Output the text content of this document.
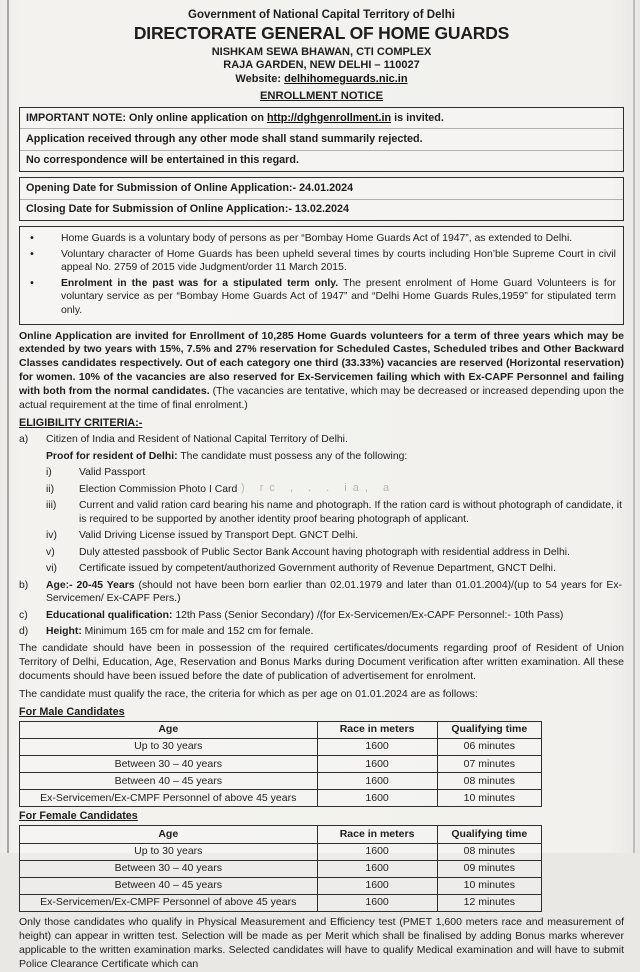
Government of National Capital Territory of Delhi
DIRECTORATE GENERAL OF HOME GUARDS
NISHKAM SEWA BHAWAN, CTI COMPLEX
RAJA GARDEN, NEW DELHI – 110027
Website: delhihomeguards.nic.in
ENROLLMENT NOTICE
IMPORTANT NOTE: Only online application on http://dghgenrollment.in is invited.
Application received through any other mode shall stand summarily rejected.
No correspondence will be entertained in this regard.
Opening Date for Submission of Online Application:- 24.01.2024
Closing Date for Submission of Online Application:- 13.02.2024
•	Home Guards is a voluntary body of persons as per “Bombay Home Guards Act of 1947”, as extended to Delhi.
•	Voluntary character of Home Guards has been upheld several times by courts including Hon’ble Supreme Court in civil appeal No. 2759 of 2015 vide Judgment/order 11 March 2015.
•	Enrolment in the past was for a stipulated term only. The present enrolment of Home Guard Volunteers is for voluntary service as per “Bombay Home Guards Act of 1947” and “Delhi Home Guards Rules,1959” for stipulated term only.

Online Application are invited for Enrollment of 10,285 Home Guards volunteers for a term of three years which may be extended by two years with 15%, 7.5% and 27% reservation for Scheduled Castes, Scheduled tribes and Other Backward Classes candidates respectively. Out of each category one third (33.33%) vacancies are reserved (Horizontal reservation) for women. 10% of the vacancies are also reserved for Ex-Servicemen failing which with Ex-CAPF Personnel and failing with both from the normal candidates. (The vacancies are tentative, which may be decreased or increased depending upon the actual requirement at the time of final enrolment.)

ELIGIBILITY CRITERIA:-
a)	Citizen of India and Resident of National Capital Territory of Delhi.
Proof for resident of Delhi: The candidate must possess any of the following:
) rc , . . ia, a
i)	Valid Passport
ii)	Election Commission Photo I Card
iii)	Current and valid ration card bearing his name and photograph. If the ration card is without photograph of candidate, it is required to be supported by another identity proof bearing photograph of applicant.
iv)	Valid Driving License issued by Transport Dept. GNCT Delhi.
v)	Duly attested passbook of Public Sector Bank Account having photograph with residential address in Delhi.
vi)	Certificate issued by competent/authorized Government authority of Revenue Department, GNCT Delhi.
b)	Age:- 20-45 Years (should not have been born earlier than 02.01.1979 and later than 01.01.2004)/(up to 54 years for Ex-Servicemen/ Ex-CAPF Pers.)
c)	Educational qualification: 12th Pass (Senior Secondary) /(for Ex-Servicemen/Ex-CAPF Personnel:- 10th Pass)
d)	Height: Minimum 165 cm for male and 152 cm for female.

The candidate should have been in possession of the required certificates/documents regarding proof of Resident of Union Territory of Delhi, Education, Age, Reservation and Bonus Marks during Document verification after written examination. All these documents should have been issued before the date of publication of advertisement for enrolment.

The candidate must qualify the race, the criteria for which as per age on 01.01.2024 are as follows:

For Male Candidates
Age	Race in meters	Qualifying time
Up to 30 years	1600	06 minutes
Between 30 – 40 years	1600	07 minutes
Between 40 – 45 years	1600	08 minutes
Ex-Servicemen/Ex-CMPF Personnel of above 45 years	1600	10 minutes
For Female Candidates
Age	Race in meters	Qualifying time
Up to 30 years	1600	08 minutes
Between 30 – 40 years	1600	09 minutes
Between 40 – 45 years	1600	10 minutes
Ex-Servicemen/Ex-CMPF Personnel of above 45 years	1600	12 minutes

Only those candidates who qualify in Physical Measurement and Efficiency test (PMET 1,600 meters race and measurement of height) can appear in written test. Selection will be made as per Merit which shall be finalised by adding Bonus marks wherever applicable to the written examination marks. Selected candidates will have to qualify Medical examination and will have to submit Police Clearance Certificate which can
